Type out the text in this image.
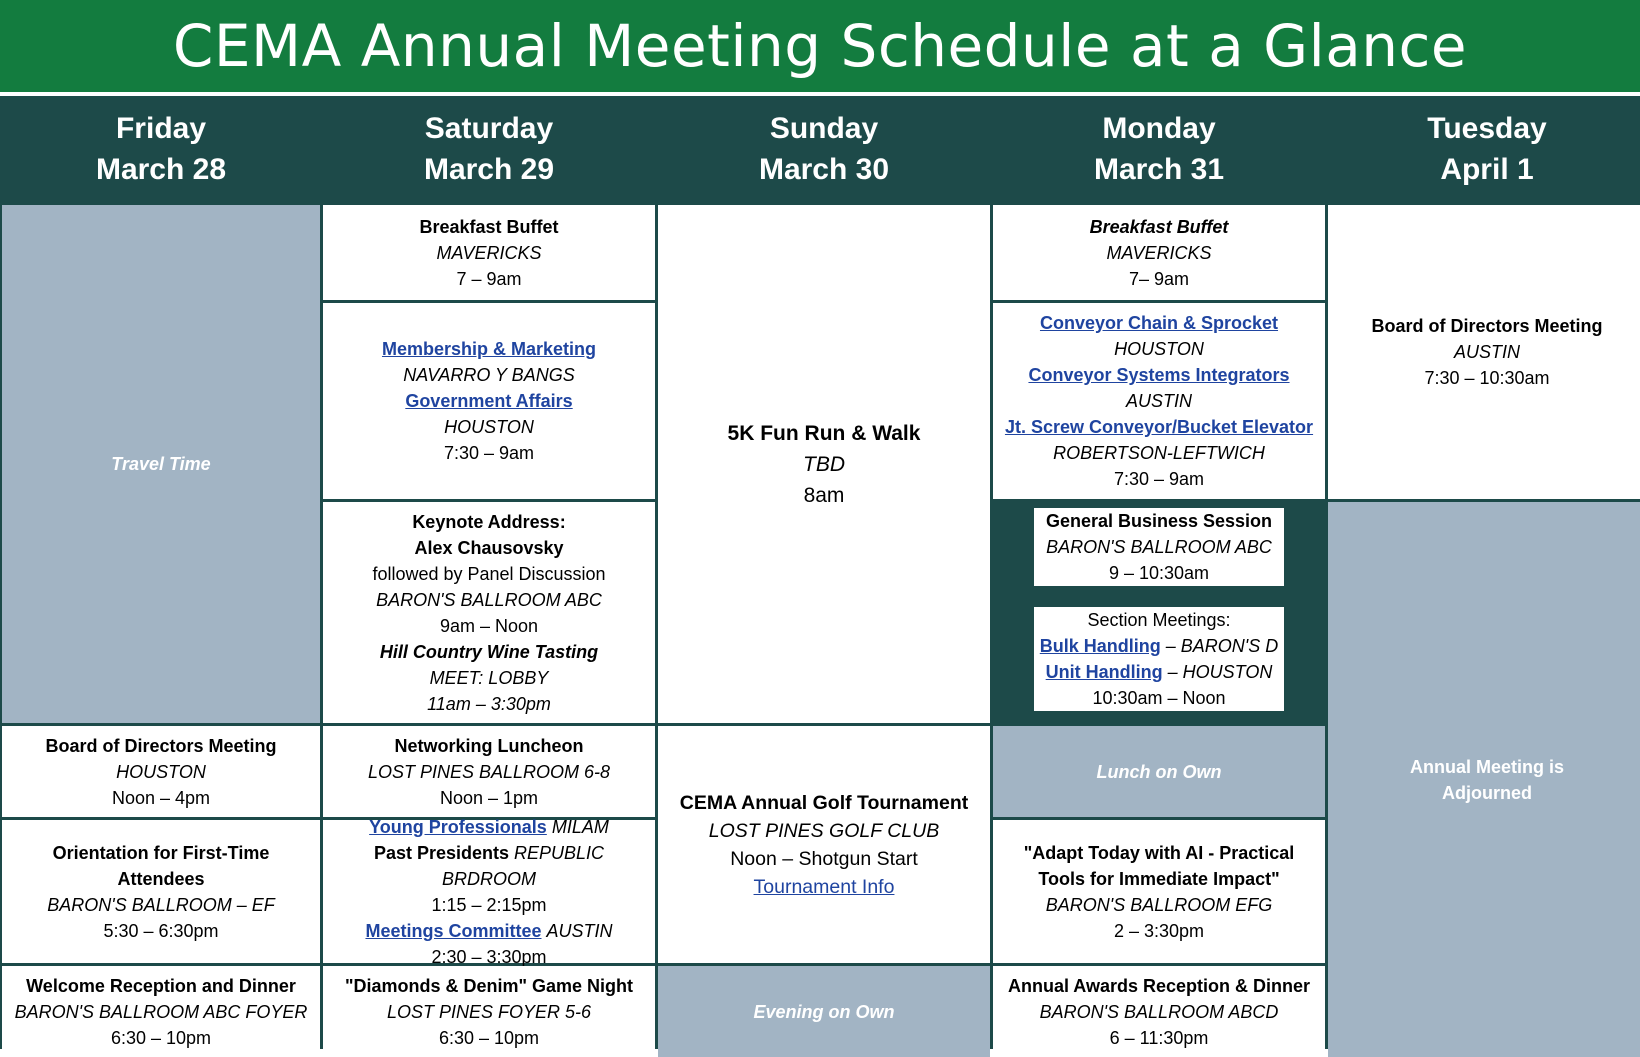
CEMA Annual Meeting Schedule at a Glance
Friday
March 28
Saturday
March 29
Sunday
March 30
Monday
March 31
Tuesday
April 1
Travel Time
Board of Directors Meeting
HOUSTON
Noon – 4pm
Orientation for First-Time
Attendees
BARON'S BALLROOM – EF
5:30 – 6:30pm
Welcome Reception and Dinner
BARON'S BALLROOM ABC FOYER
6:30 – 10pm
Breakfast Buffet
MAVERICKS
7 – 9am
Membership & Marketing
NAVARRO Y BANGS
Government Affairs
HOUSTON
7:30 – 9am
Keynote Address:
Alex Chausovsky
followed by Panel Discussion
BARON'S BALLROOM ABC
9am – Noon
Hill Country Wine Tasting
MEET: LOBBY
11am – 3:30pm
Networking Luncheon
LOST PINES BALLROOM 6-8
Noon – 1pm
Young Professionals MILAM
Past Presidents REPUBLIC BRDROOM
1:15 – 2:15pm
Meetings Committee AUSTIN
2:30 – 3:30pm
"Diamonds & Denim" Game Night
LOST PINES FOYER 5-6
6:30 – 10pm
5K Fun Run & Walk
TBD
8am
CEMA Annual Golf Tournament
LOST PINES GOLF CLUB
Noon – Shotgun Start
Tournament Info
Evening on Own
Breakfast Buffet
MAVERICKS
7– 9am
Conveyor Chain & Sprocket
HOUSTON
Conveyor Systems Integrators
AUSTIN
Jt. Screw Conveyor/Bucket Elevator
ROBERTSON-LEFTWICH
7:30 – 9am
General Business Session
BARON'S BALLROOM ABC
9 – 10:30am
Section Meetings:
Bulk Handling – BARON'S D
Unit Handling – HOUSTON
10:30am – Noon
Lunch on Own
"Adapt Today with AI - Practical
Tools for Immediate Impact"
BARON'S BALLROOM EFG
2 – 3:30pm
Annual Awards Reception & Dinner
BARON'S BALLROOM ABCD
6 – 11:30pm
Board of Directors Meeting
AUSTIN
7:30 – 10:30am
Annual Meeting is
Adjourned
